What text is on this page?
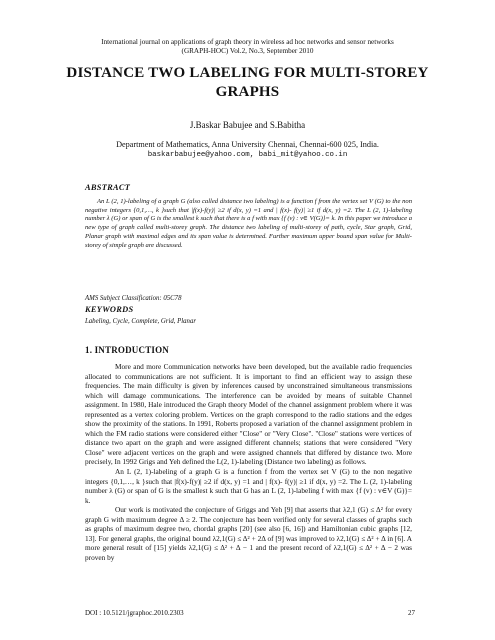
International journal on applications of graph theory in wireless ad hoc networks and sensor networks
(GRAPH-HOC) Vol.2, No.3, September 2010
DISTANCE TWO LABELING FOR MULTI-STOREY
GRAPHS
J.Baskar Babujee and S.Babitha
Department of Mathematics, Anna University Chennai, Chennai-600 025, India.
baskarbabujee@yahoo.com, babi_mit@yahoo.co.in
ABSTRACT
An L (2, 1)-labeling of a graph G (also called distance two labeling) is a function f from the vertex set V (G) to the non negative integers {0,1,…, k }such that |f(x)-f(y)| ≥2 if d(x, y) =1 and | f(x)- f(y)| ≥1 if d(x, y) =2. The L (2, 1)-labeling number λ (G) or span of G is the smallest k such that there is a f with max {f (v) : v∈ V(G)}= k. In this paper we introduce a new type of graph called multi-storey graph. The distance two labeling of multi-storey of path, cycle, Star graph, Grid, Planar graph with maximal edges and its span value is determined. Further maximum upper bound span value for Multi-storey of simple graph are discussed.
AMS Subject Classification: 05C78
KEYWORDS
Labeling, Cycle, Complete, Grid, Planar
1. INTRODUCTION

More and more Communication networks have been developed, but the available radio frequencies allocated to communications are not sufficient. It is important to find an efficient way to assign these frequencies. The main difficulty is given by inferences caused by unconstrained simultaneous transmissions which will damage communications. The interference can be avoided by means of suitable Channel assignment. In 1980, Hale introduced the Graph theory Model of the channel assignment problem where it was represented as a vertex coloring problem. Vertices on the graph correspond to the radio stations and the edges show the proximity of the stations. In 1991, Roberts proposed a variation of the channel assignment problem in which the FM radio stations were considered either "Close" or "Very Close". "Close" stations were vertices of distance two apart on the graph and were assigned different channels; stations that were considered "Very Close" were adjacent vertices on the graph and were assigned channels that differed by distance two. More precisely, In 1992 Grigs and Yeh defined the L(2, 1)-labeling (Distance two labeling) as follows.

An L (2, 1)-labeling of a graph G is a function f from the vertex set V (G) to the non negative integers {0,1,…, k }such that |f(x)-f(y)| ≥2 if d(x, y) =1 and | f(x)- f(y)| ≥1 if d(x, y) =2. The L (2, 1)-labeling number λ (G) or span of G is the smallest k such that G has an L (2, 1)-labeling f with max {f (v) : v∈V (G)}= k.

Our work is motivated the conjecture of Griggs and Yeh [9] that asserts that λ2,1 (G) ≤ Δ² for every graph G with maximum degree Δ ≥ 2. The conjecture has been verified only for several classes of graphs such as graphs of maximum degree two, chordal graphs [20] (see also [6, 16]) and Hamiltonian cubic graphs [12, 13]. For general graphs, the original bound λ2,1(G) ≤ Δ² + 2Δ of [9] was improved to λ2,1(G) ≤ Δ² + Δ in [6]. A more general result of [15] yields λ2,1(G) ≤ Δ² + Δ − 1 and the present record of λ2,1(G) ≤ Δ² + Δ − 2 was proven by

DOI : 10.5121/jgraphoc.2010.2303	27
